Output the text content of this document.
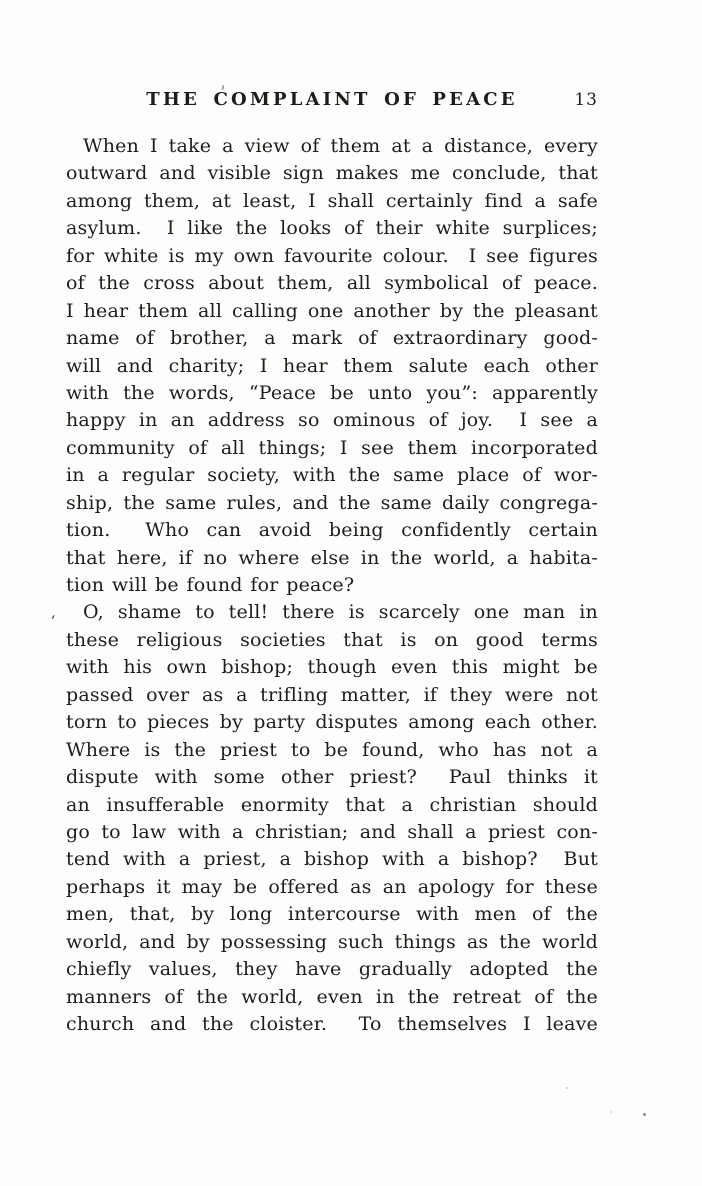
THE COMPLAINT OF PEACE	13
When I take a view of them at a distance, every
outward and visible sign makes me conclude, that
among them, at least, I shall certainly find a safe
asylum.  I like the looks of their white surplices;
for white is my own favourite colour.  I see figures
of the cross about them, all symbolical of peace.
I hear them all calling one another by the pleasant
name of brother, a mark of extraordinary good-
will and charity; I hear them salute each other
with the words, “Peace be unto you”: apparently
happy in an address so ominous of joy.  I see a
community of all things; I see them incorporated
in a regular society, with the same place of wor-
ship, the same rules, and the same daily congrega-
tion.  Who can avoid being confidently certain
that here, if no where else in the world, a habita-
tion will be found for peace?
O, shame to tell! there is scarcely one man in
these religious societies that is on good terms
with his own bishop; though even this might be
passed over as a trifling matter, if they were not
torn to pieces by party disputes among each other.
Where is the priest to be found, who has not a
dispute with some other priest?  Paul thinks it
an insufferable enormity that a christian should
go to law with a christian; and shall a priest con-
tend with a priest, a bishop with a bishop?  But
perhaps it may be offered as an apology for these
men, that, by long intercourse with men of the
world, and by possessing such things as the world
chiefly values, they have gradually adopted the
manners of the world, even in the retreat of the
church and the cloister.  To themselves I leave
ʻ
